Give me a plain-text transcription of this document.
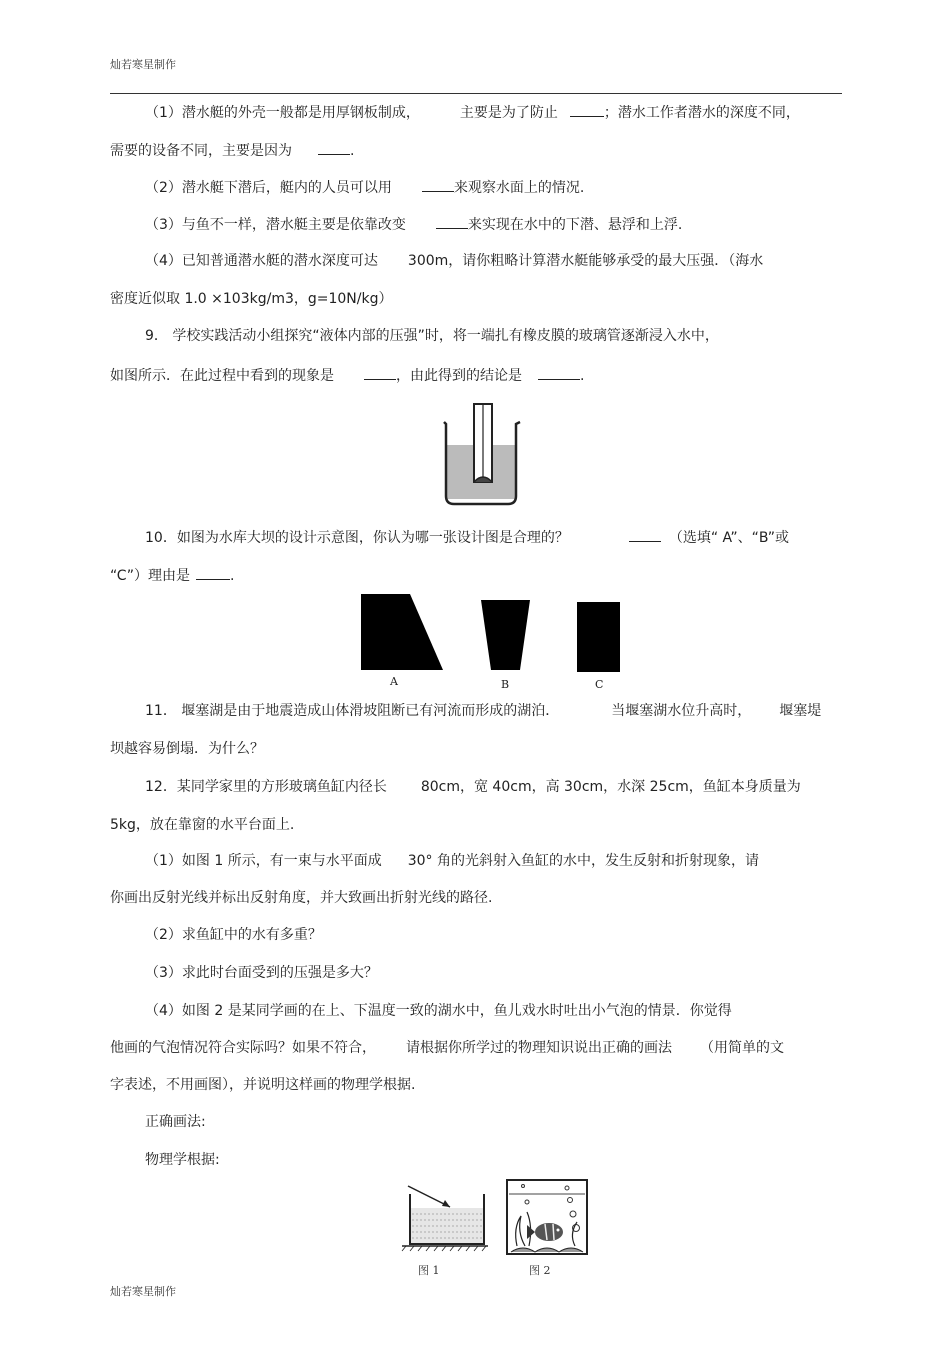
灿若寒星制作
（1）潜水艇的外壳一般都是用厚钢板制成，	主要是为了防止	；潜水工作者潜水的深度不同，
需要的设备不同，主要是因为	.
（2）潜水艇下潜后，艇内的人员可以用	来观察水面上的情况.
（3）与鱼不一样，潜水艇主要是依靠改变	来实现在水中的下潜、悬浮和上浮.
（4）已知普通潜水艇的潜水深度可达 300m，请你粗略计算潜水艇能够承受的最大压强．（海水
密度近似取 1.0 ×103kg/m3，g=10N/kg）
9． 学校实践活动小组探究“液体内部的压强”时，将一端扎有橡皮膜的玻璃管逐渐浸入水中，
如图所示．在此过程中看到的现象是	，由此得到的结论是	.
10．如图为水库大坝的设计示意图，你认为哪一张设计图是合理的？	（选填“ A”、“B”或
“C”）理由是	.
A	B	C
11． 堰塞湖是由于地震造成山体滑坡阻断已有河流而形成的湖泊．	当堰塞湖水位升高时， 堰塞堤
坝越容易倒塌．为什么？
12．某同学家里的方形玻璃鱼缸内径长 80cm，宽 40cm，高 30cm，水深 25cm，鱼缸本身质量为
5kg，放在靠窗的水平台面上.
（1）如图 1 所示，有一束与水平面成 30° 角的光斜射入鱼缸的水中，发生反射和折射现象，请
你画出反射光线并标出反射角度，并大致画出折射光线的路径.
（2）求鱼缸中的水有多重？
（3）求此时台面受到的压强是多大？
（4）如图 2 是某同学画的在上、下温度一致的湖水中，鱼儿戏水时吐出小气泡的情景．你觉得
他画的气泡情况符合实际吗？如果不符合， 请根据你所学过的物理知识说出正确的画法 （用简单的文
字表述，不用画图），并说明这样画的物理学根据.
正确画法:
物理学根据:
图 1	图 2
灿若寒星制作
